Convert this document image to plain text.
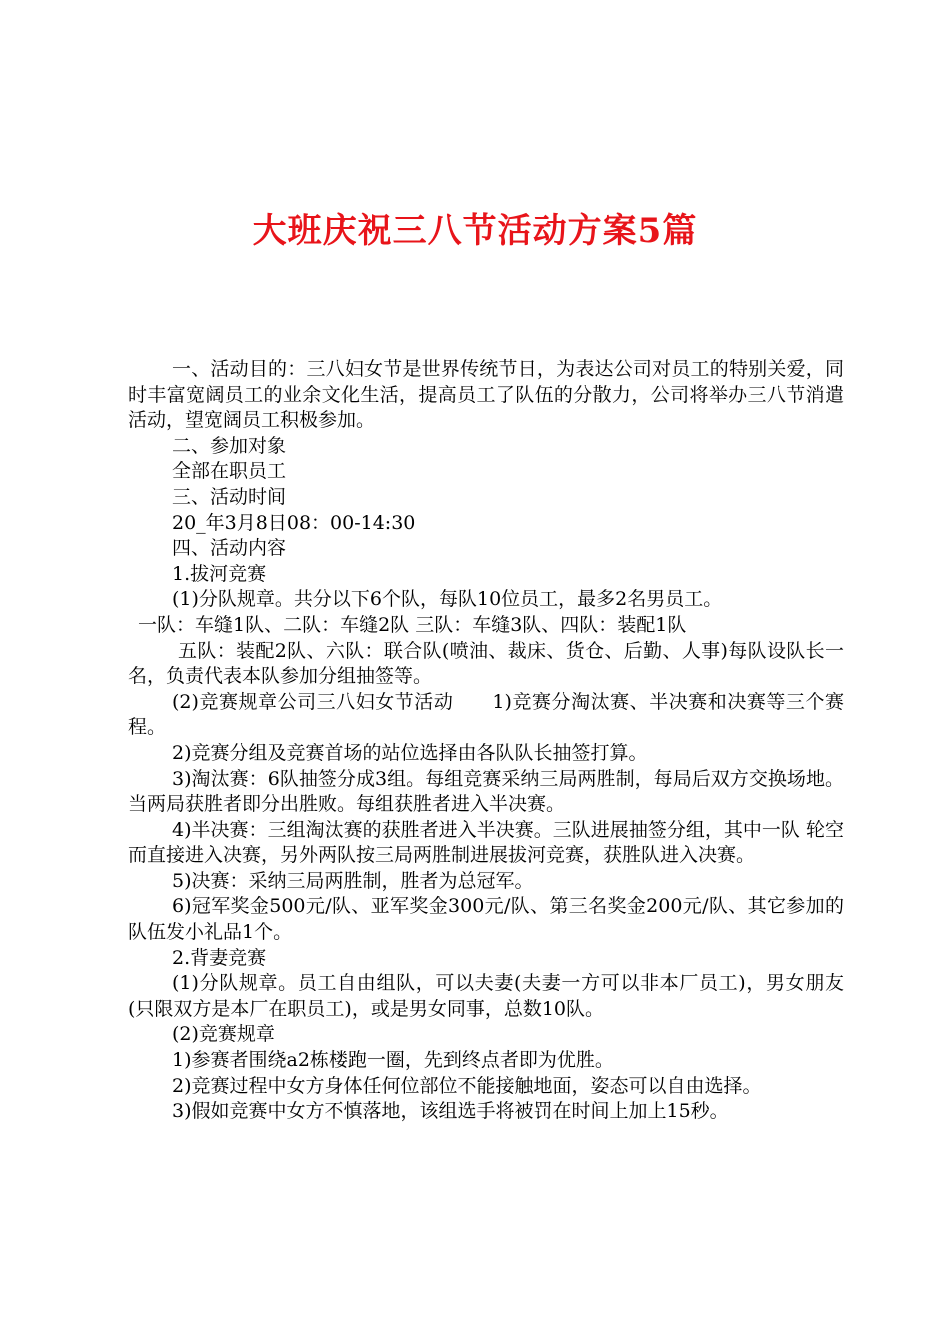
大班庆祝三八节活动方案5篇

一、活动目的：三八妇女节是世界传统节日，为表达公司对员工的特别关爱，同时丰富宽阔员工的业余文化生活，提高员工了队伍的分散力，公司将举办三八节消遣活动，望宽阔员工积极参加。

二、参加对象

全部在职员工

三、活动时间

20_年3月8日08：00-14:30

四、活动内容

1.拔河竞赛

(1)分队规章。共分以下6个队，每队10位员工，最多2名男员工。

一队：车缝1队、二队：车缝2队 三队：车缝3队、四队：装配1队

五队：装配2队、六队：联合队(喷油、裁床、货仓、后勤、人事)每队设队长一名，负责代表本队参加分组抽签等。

(2)竞赛规章公司三八妇女节活动　　1)竞赛分淘汰赛、半决赛和决赛等三个赛程。

2)竞赛分组及竞赛首场的站位选择由各队队长抽签打算。

3)淘汰赛：6队抽签分成3组。每组竞赛采纳三局两胜制，每局后双方交换场地。当两局获胜者即分出胜败。每组获胜者进入半决赛。

4)半决赛：三组淘汰赛的获胜者进入半决赛。三队进展抽签分组，其中一队 轮空而直接进入决赛，另外两队按三局两胜制进展拔河竞赛，获胜队进入决赛。

5)决赛：采纳三局两胜制，胜者为总冠军。

6)冠军奖金500元/队、亚军奖金300元/队、第三名奖金200元/队、其它参加的队伍发小礼品1个。

2.背妻竞赛

(1)分队规章。员工自由组队，可以夫妻(夫妻一方可以非本厂员工)，男女朋友(只限双方是本厂在职员工)，或是男女同事，总数10队。

(2)竞赛规章

1)参赛者围绕a2栋楼跑一圈，先到终点者即为优胜。

2)竞赛过程中女方身体任何位部位不能接触地面，姿态可以自由选择。

3)假如竞赛中女方不慎落地，该组选手将被罚在时间上加上15秒。
